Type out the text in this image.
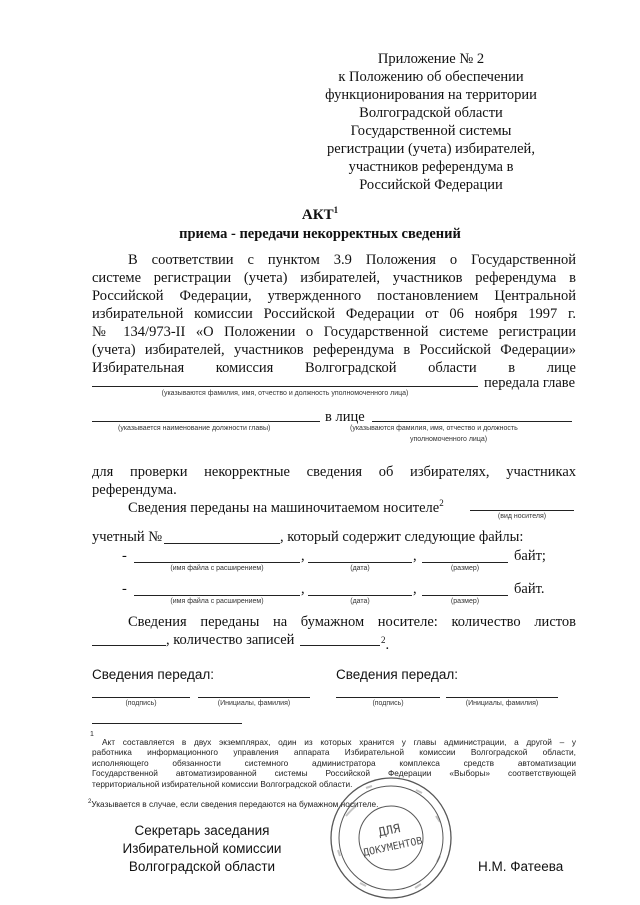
Приложение № 2
к Положению об обеспечении
функционирования на территории
Волгоградской области
Государственной системы
регистрации (учета) избирателей,
участников референдума в
Российской Федерации
АКТ$^1$
приема - передачи некорректных сведений
В соответствии с пунктом 3.9 Положения о Государственной
системе регистрации (учета) избирателей, участников референдума в
Российской Федерации, утвержденного постановлением Центральной
избирательной комиссии Российской Федерации от 06 ноября 1997 г.
№ 134/973-II «О Положении о Государственной системе регистрации
(учета) избирателей, участников референдума в Российской Федерации»
Избирательная комиссия Волгоградской области в лице
передала главе
(указываются фамилия, имя, отчество и должность уполномоченного лица)
в лице
(указывается наименование должности главы)	(указываются фамилия, имя, отчество и должность
уполномоченного лица)
для проверки некорректные сведения об избирателях, участниках
референдума.
Сведения переданы на машиночитаемом носителе$^2$
(вид носителя)
учетный №	, который содержит следующие файлы:
-	,	,	байт;
(имя файла с расширением)	(дата)	(размер)
-	,	,	байт.
(имя файла с расширением)	(дата)	(размер)
Сведения переданы на бумажном носителе: количество листов
, количество записей	$^2$.
Сведения передал:	Сведения передал:
(подпись)	(Инициалы, фамилия)	(подпись)	(Инициалы, фамилия)
1
Акт составляется в двух экземплярах, один из которых хранится у главы администрации, а другой – у
работника информационного управления аппарата Избирательной комиссии Волгоградской области,
исполняющего обязанности системного администратора комплекса средств автоматизации
Государственной автоматизированной системы Российской Федерации «Выборы» соответствующей
территориальной избирательной комиссии Волгоградской области.
$^2$Указывается в случае, если сведения передаются на бумажном носителе.
Секретарь заседания
Избирательной комиссии
Волгоградской области	Н.М. Фатеева
ДЛЯ
ДОКУМЕНТОВ
